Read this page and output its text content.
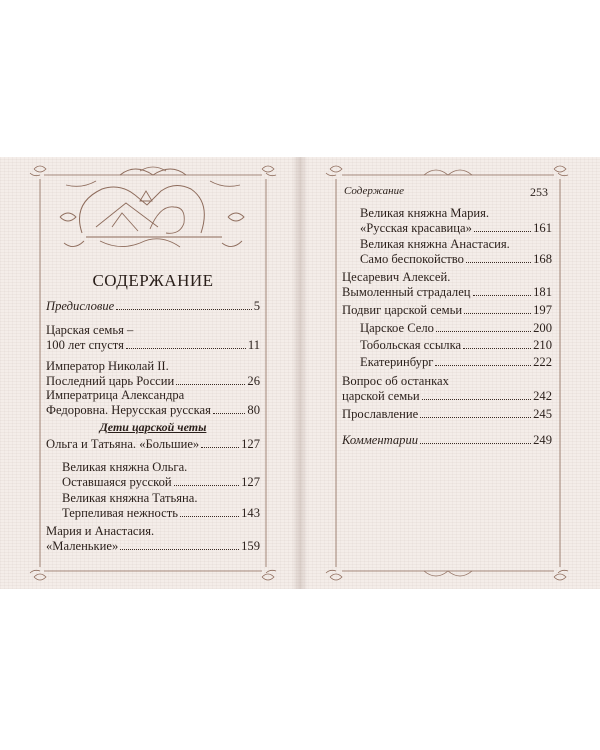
СОДЕРЖАНИЕ
Предисловие	5
Царская семья –
100 лет спустя	11
Император Николай II.
Последний царь России	26
Императрица Александра
Федоровна. Нерусская русская	80
Дети царской четы
Ольга и Татьяна. «Большие»	127
Великая княжна Ольга.
Оставшаяся русской	127
Великая княжна Татьяна.
Терпеливая нежность	143
Мария и Анастасия.
«Маленькие»	159
Содержание	253
Великая княжна Мария.
«Русская красавица»	161
Великая княжна Анастасия.
Само беспокойство	168
Цесаревич Алексей.
Вымоленный страдалец	181
Подвиг царской семьи	197
Царское Село	200
Тобольская ссылка	210
Екатеринбург	222
Вопрос об останках
царской семьи	242
Прославление	245
Комментарии	249
